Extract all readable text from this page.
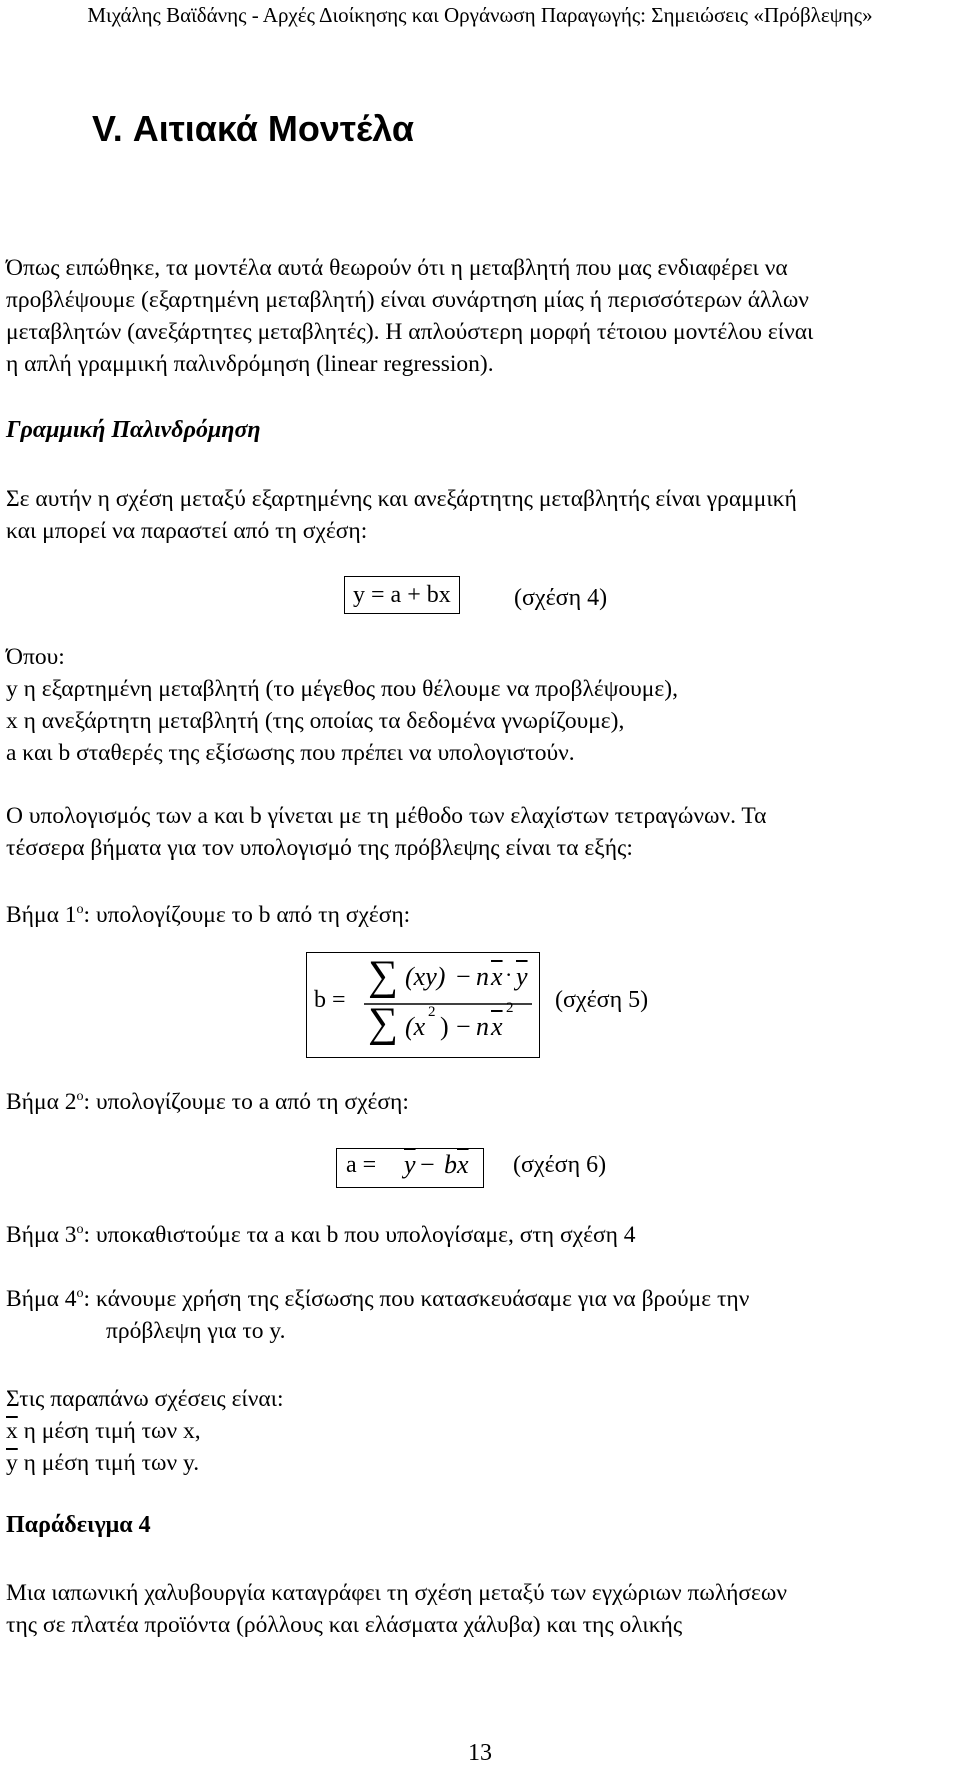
Μιχάλης Βαϊδάνης - Αρχές Διοίκησης και Οργάνωση Παραγωγής: Σημειώσεις «Πρόβλεψης»
V. Αιτιακά Μοντέλα
Όπως ειπώθηκε, τα μοντέλα αυτά θεωρούν ότι η μεταβλητή που μας ενδιαφέρει να
προβλέψουμε (εξαρτημένη μεταβλητή) είναι συνάρτηση μίας ή περισσότερων άλλων
μεταβλητών (ανεξάρτητες μεταβλητές). Η απλούστερη μορφή τέτοιου μοντέλου είναι
η απλή γραμμική παλινδρόμηση (linear regression).
Γραμμική Παλινδρόμηση
Σε αυτήν η σχέση μεταξύ εξαρτημένης και ανεξάρτητης μεταβλητής είναι γραμμική
και μπορεί να παραστεί από τη σχέση:
y = a + bx	(σχέση 4)
Όπου:
y η εξαρτημένη μεταβλητή (το μέγεθος που θέλουμε να προβλέψουμε),
x η ανεξάρτητη μεταβλητή (της οποίας τα δεδομένα γνωρίζουμε),
a και b σταθερές της εξίσωσης που πρέπει να υπολογιστούν.
Ο υπολογισμός των a και b γίνεται με τη μέθοδο των ελαχίστων τετραγώνων. Τα
τέσσερα βήματα για τον υπολογισμό της πρόβλεψης είναι τα εξής:
Βήμα $1^o$: υπολογίζουμε το b από τη σχέση:
b =
∑ (xy) − n $\overline{x} \cdot \overline{y}$
∑ (x 2 ) − n $\overline{x}$
2 (σχέση 5)
Βήμα $2^o$: υπολογίζουμε το a από τη σχέση:
$a = \overline{y} - b$ $\overline{x}$ (σχέση 6)
Βήμα $3^o$: υποκαθιστούμε τα a και b που υπολογίσαμε, στη σχέση 4
Βήμα $4^o$: κάνουμε χρήση της εξίσωσης που κατασκευάσαμε για να βρούμε την
πρόβλεψη για το y.
Στις παραπάνω σχέσεις είναι:
$\overline{x}$ η μέση τιμή των x,
$\overline{y}$ η μέση τιμή των y.
Παράδειγμα 4
Μια ιαπωνική χαλυβουργία καταγράφει τη σχέση μεταξύ των εγχώριων πωλήσεων
της σε πλατέα προϊόντα (ρόλλους και ελάσματα χάλυβα) και της ολικής
13
